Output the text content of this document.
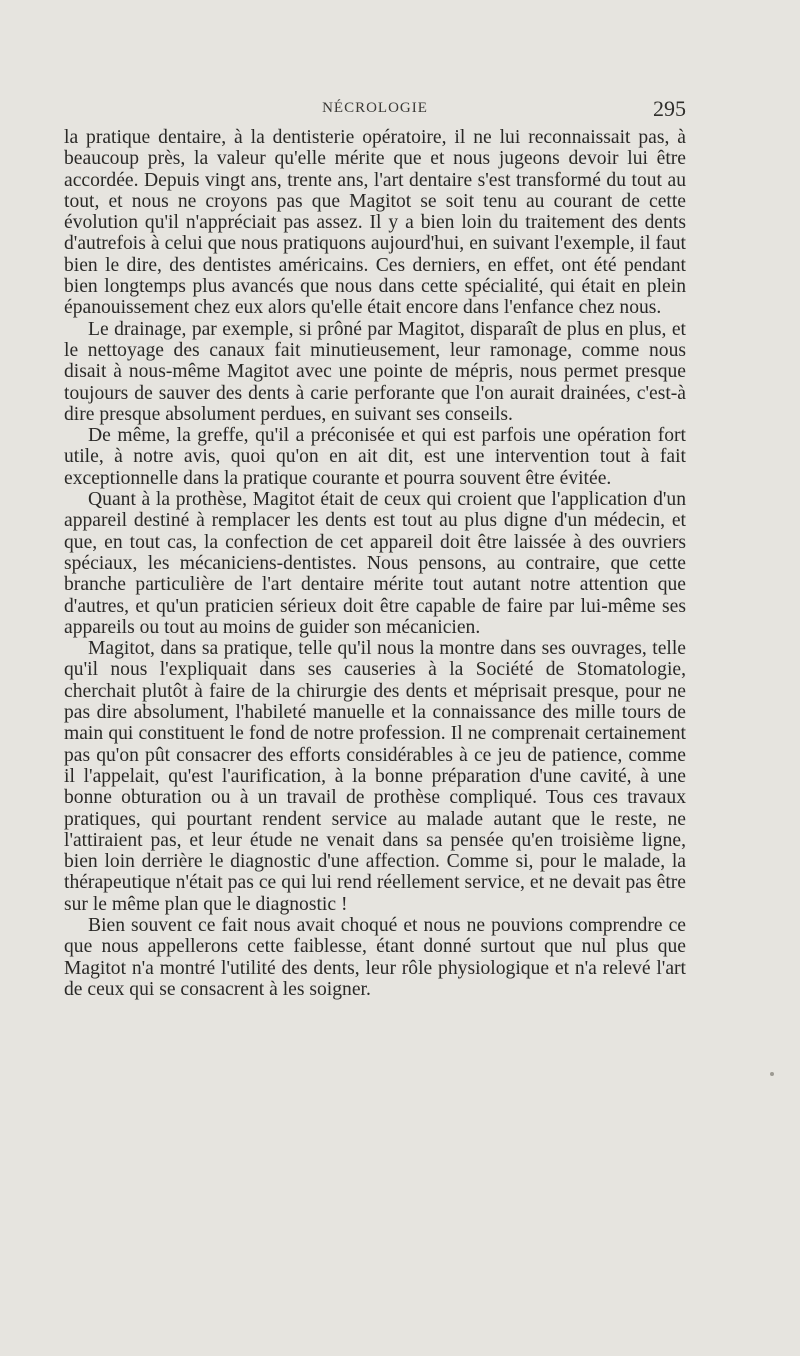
NÉCROLOGIE	295

la pratique dentaire, à la dentisterie opératoire, il ne lui reconnaissait pas, à beaucoup près, la valeur qu'elle mérite que et nous jugeons devoir lui être accordée. Depuis vingt ans, trente ans, l'art dentaire s'est transformé du tout au tout, et nous ne croyons pas que Magitot se soit tenu au courant de cette évolution qu'il n'appréciait pas assez. Il y a bien loin du traitement des dents d'autrefois à celui que nous pratiquons aujourd'hui, en suivant l'exemple, il faut bien le dire, des dentistes américains. Ces derniers, en effet, ont été pendant bien longtemps plus avancés que nous dans cette spécialité, qui était en plein épanouissement chez eux alors qu'elle était encore dans l'enfance chez nous.

Le drainage, par exemple, si prôné par Magitot, disparaît de plus en plus, et le nettoyage des canaux fait minutieusement, leur ramonage, comme nous disait à nous-même Magitot avec une pointe de mépris, nous permet presque toujours de sauver des dents à carie perforante que l'on aurait drainées, c'est-à dire presque absolument perdues, en suivant ses conseils.

De même, la greffe, qu'il a préconisée et qui est parfois une opération fort utile, à notre avis, quoi qu'on en ait dit, est une intervention tout à fait exceptionnelle dans la pratique courante et pourra souvent être évitée.

Quant à la prothèse, Magitot était de ceux qui croient que l'application d'un appareil destiné à remplacer les dents est tout au plus digne d'un médecin, et que, en tout cas, la confection de cet appareil doit être laissée à des ouvriers spéciaux, les mécaniciens-dentistes. Nous pensons, au contraire, que cette branche particulière de l'art dentaire mérite tout autant notre attention que d'autres, et qu'un praticien sérieux doit être capable de faire par lui-même ses appareils ou tout au moins de guider son mécanicien.

Magitot, dans sa pratique, telle qu'il nous la montre dans ses ouvrages, telle qu'il nous l'expliquait dans ses causeries à la Société de Stomatologie, cherchait plutôt à faire de la chirurgie des dents et méprisait presque, pour ne pas dire absolument, l'habileté manuelle et la connaissance des mille tours de main qui constituent le fond de notre profession. Il ne comprenait certainement pas qu'on pût consacrer des efforts considérables à ce jeu de patience, comme il l'appelait, qu'est l'aurification, à la bonne préparation d'une cavité, à une bonne obturation ou à un travail de prothèse compliqué. Tous ces travaux pratiques, qui pourtant rendent service au malade autant que le reste, ne l'attiraient pas, et leur étude ne venait dans sa pensée qu'en troisième ligne, bien loin derrière le diagnostic d'une affection. Comme si, pour le malade, la thérapeutique n'était pas ce qui lui rend réellement service, et ne devait pas être sur le même plan que le diagnostic !

Bien souvent ce fait nous avait choqué et nous ne pouvions comprendre ce que nous appellerons cette faiblesse, étant donné surtout que nul plus que Magitot n'a montré l'utilité des dents, leur rôle physiologique et n'a relevé l'art de ceux qui se consacrent à les soigner.
